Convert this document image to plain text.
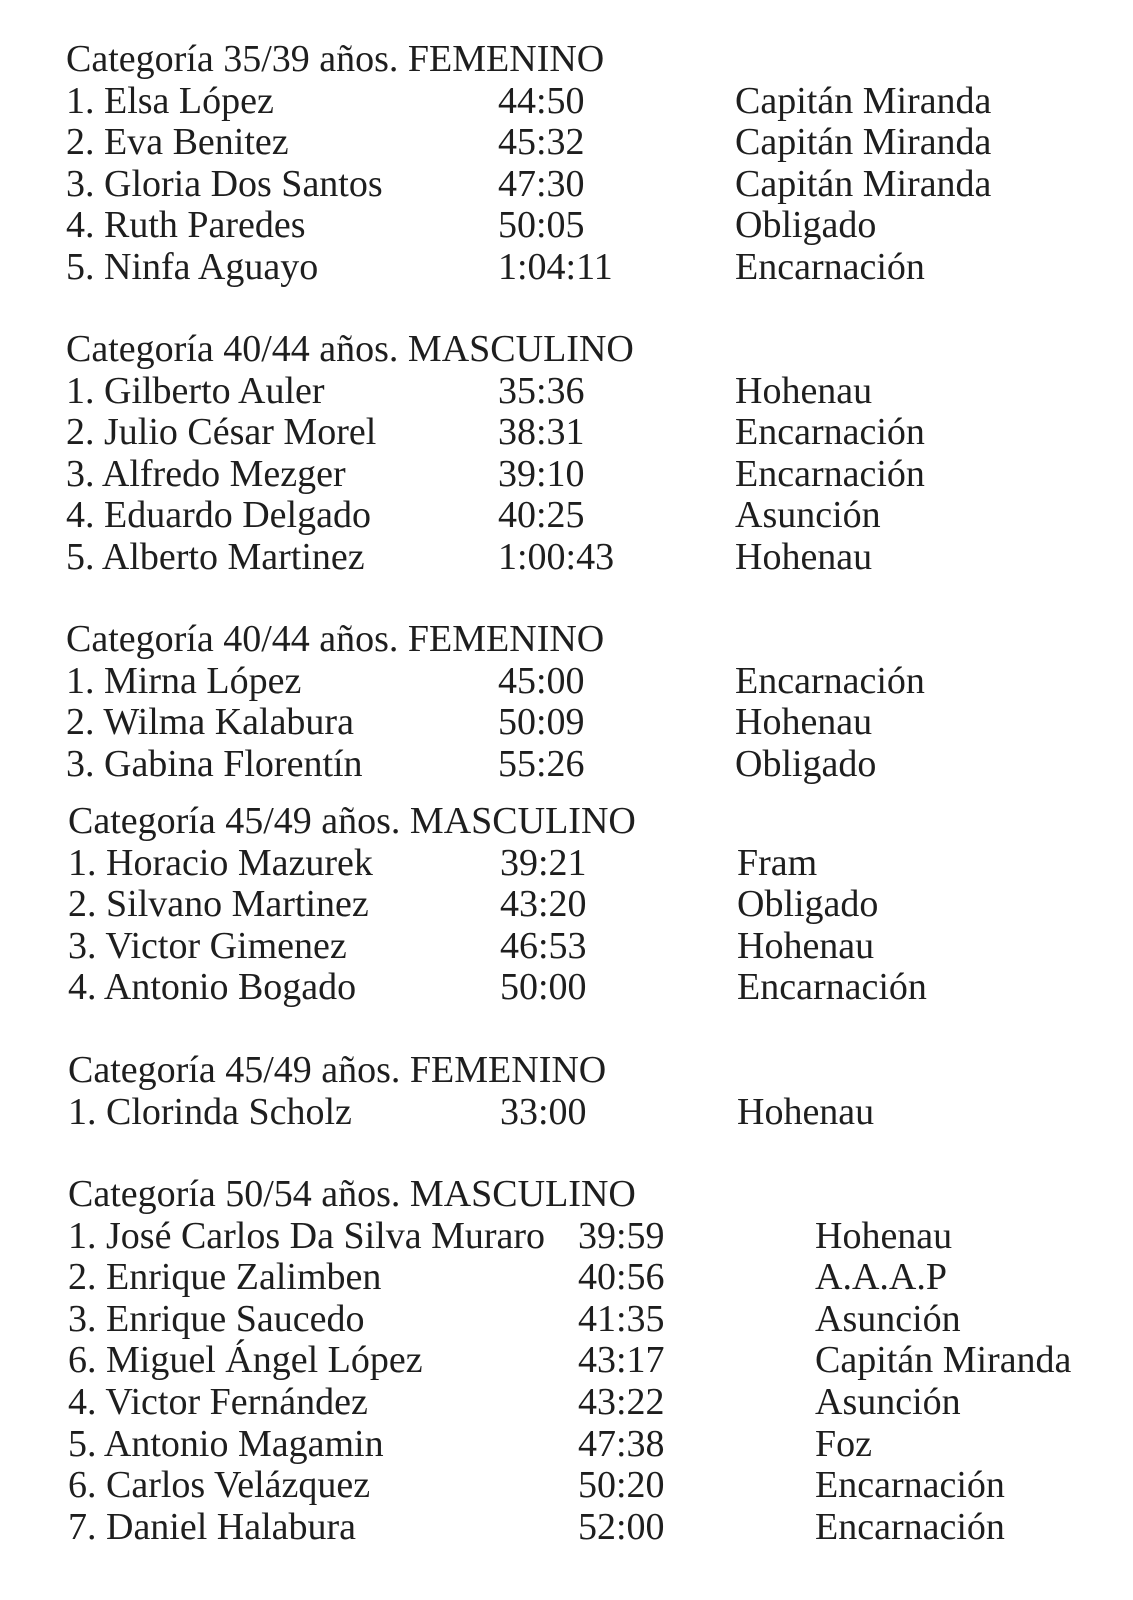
Categoría 35/39 años. FEMENINO
1. Elsa López	44:50	Capitán Miranda
2. Eva Benitez	45:32	Capitán Miranda
3. Gloria Dos Santos	47:30	Capitán Miranda
4. Ruth Paredes	50:05	Obligado
5. Ninfa Aguayo	1:04:11	Encarnación
Categoría 40/44 años. MASCULINO
1. Gilberto Auler	35:36	Hohenau
2. Julio César Morel	38:31	Encarnación
3. Alfredo Mezger	39:10	Encarnación
4. Eduardo Delgado	40:25	Asunción
5. Alberto Martinez	1:00:43	Hohenau
Categoría 40/44 años. FEMENINO
1. Mirna López	45:00	Encarnación
2. Wilma Kalabura	50:09	Hohenau
3. Gabina Florentín	55:26	Obligado
Categoría 45/49 años. MASCULINO
1. Horacio Mazurek	39:21	Fram
2. Silvano Martinez	43:20	Obligado
3. Victor Gimenez	46:53	Hohenau
4. Antonio Bogado	50:00	Encarnación
Categoría 45/49 años. FEMENINO
1. Clorinda Scholz	33:00	Hohenau
Categoría 50/54 años. MASCULINO
1. José Carlos Da Silva Muraro 39:59	Hohenau
2. Enrique Zalimben	40:56	A.A.A.P
3. Enrique Saucedo	41:35	Asunción
6. Miguel Ángel López	43:17	Capitán Miranda
4. Victor Fernández	43:22	Asunción
5. Antonio Magamin	47:38	Foz
6. Carlos Velázquez	50:20	Encarnación
7. Daniel Halabura	52:00	Encarnación
